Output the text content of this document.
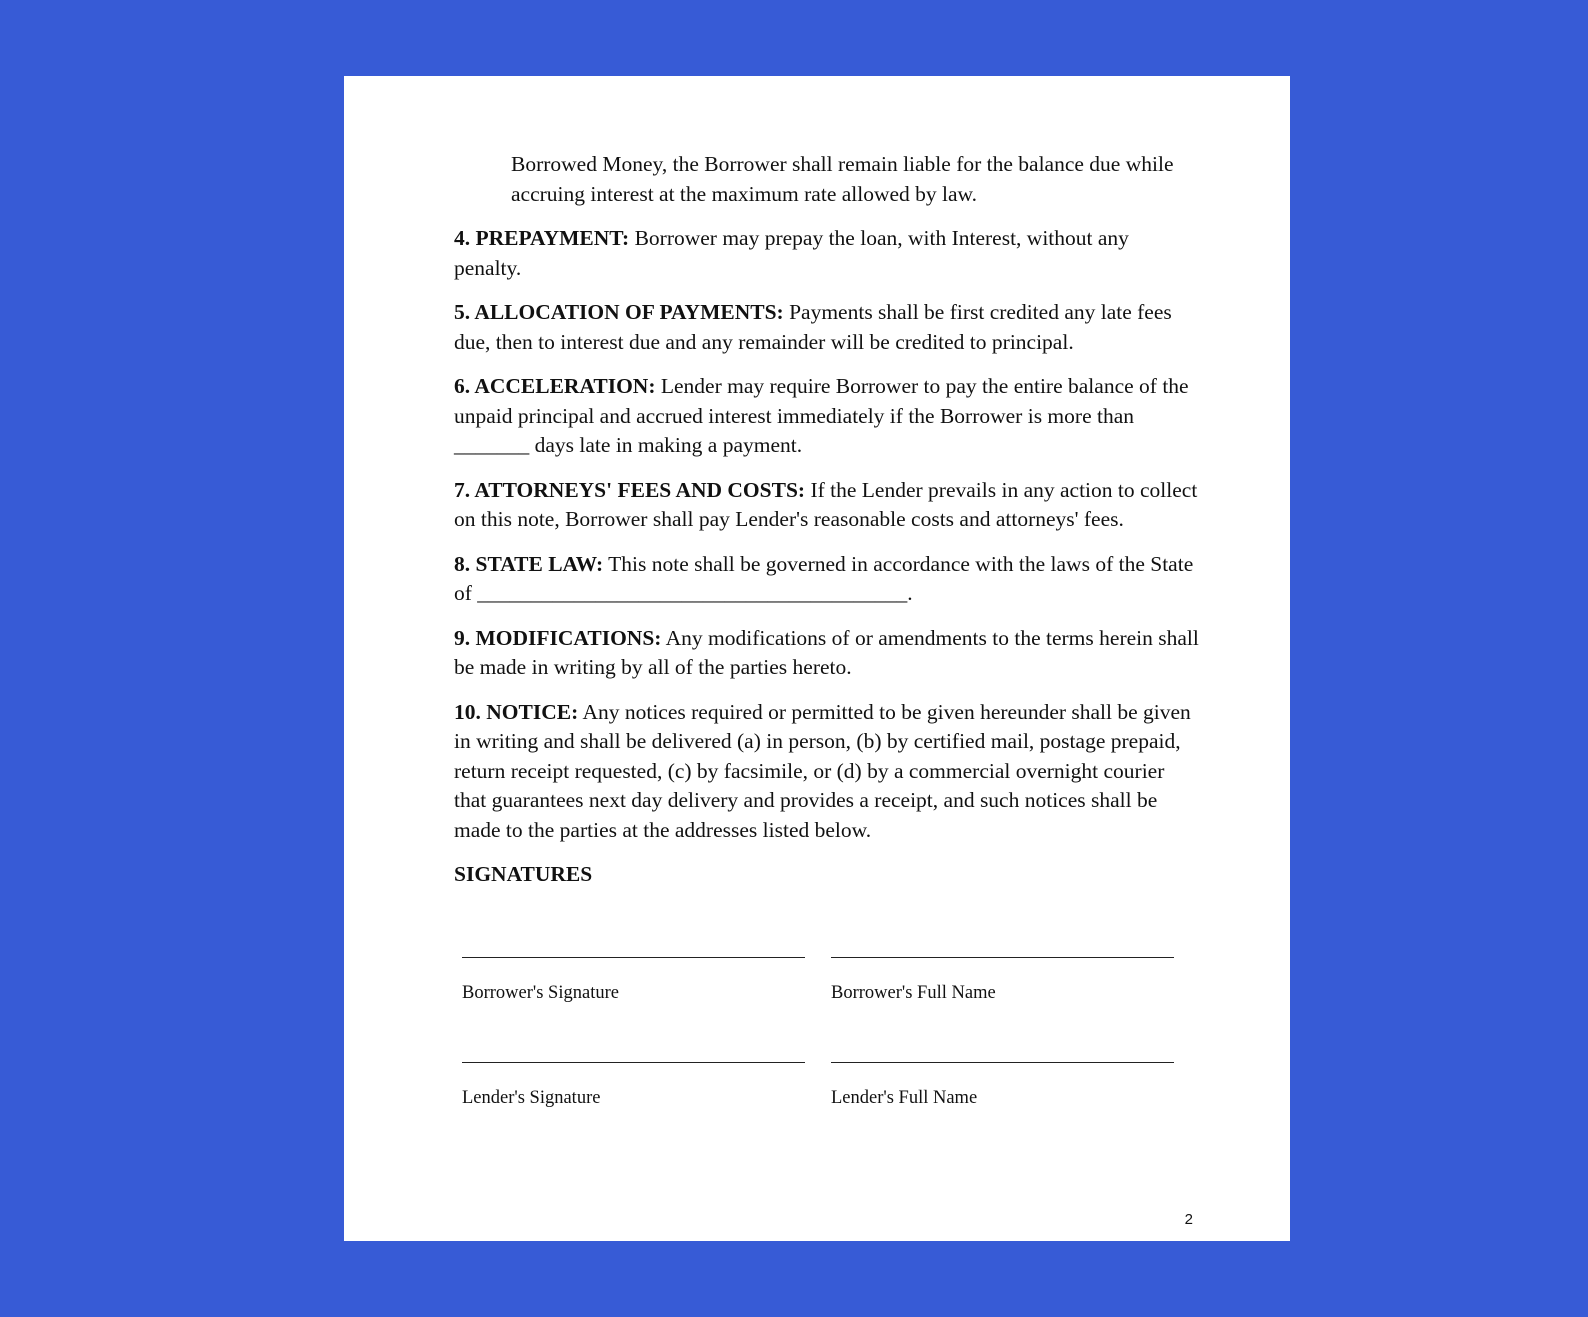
Borrowed Money, the Borrower shall remain liable for the balance due while accruing interest at the maximum rate allowed by law.

4. PREPAYMENT: Borrower may prepay the loan, with Interest, without any penalty.

5. ALLOCATION OF PAYMENTS: Payments shall be first credited any late fees due, then to interest due and any remainder will be credited to principal.

6. ACCELERATION: Lender may require Borrower to pay the entire balance of the unpaid principal and accrued interest immediately if the Borrower is more than _______ days late in making a payment.

7. ATTORNEYS' FEES AND COSTS: If the Lender prevails in any action to collect on this note, Borrower shall pay Lender's reasonable costs and attorneys' fees.

8. STATE LAW: This note shall be governed in accordance with the laws of the State of ________________________________________.

9. MODIFICATIONS: Any modifications of or amendments to the terms herein shall be made in writing by all of the parties hereto.

10. NOTICE: Any notices required or permitted to be given hereunder shall be given in writing and shall be delivered (a) in person, (b) by certified mail, postage prepaid, return receipt requested, (c) by facsimile, or (d) by a commercial overnight courier that guarantees next day delivery and provides a receipt, and such notices shall be made to the parties at the addresses listed below.

SIGNATURES

Borrower's Signature	Borrower's Full Name
Lender's Signature	Lender's Full Name
2
